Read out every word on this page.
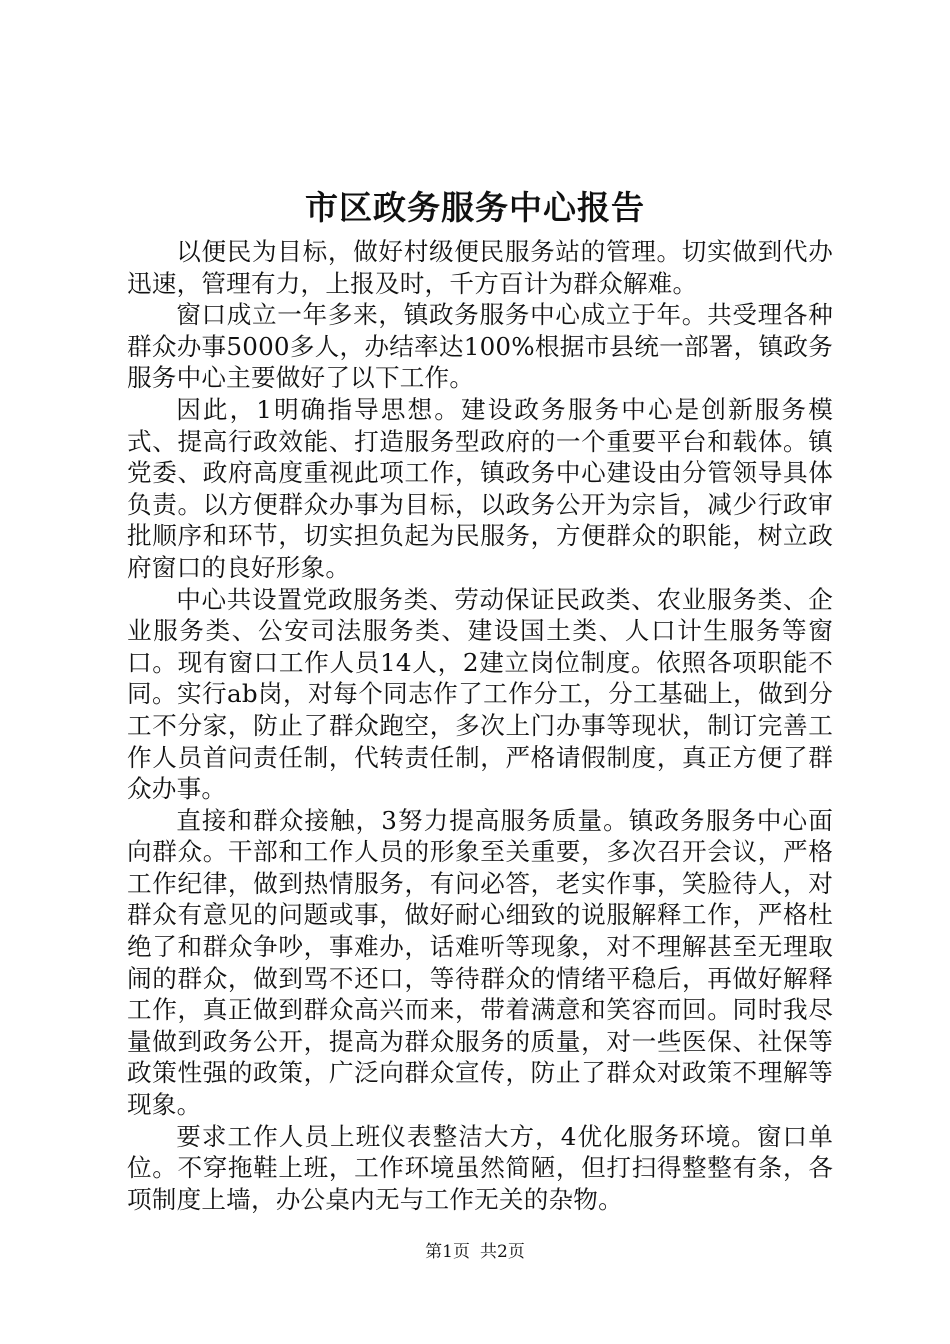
市区政务服务中心报告

以便民为目标，做好村级便民服务站的管理。切实做到代办迅速，管理有力，上报及时，千方百计为群众解难。

窗口成立一年多来，镇政务服务中心成立于年。共受理各种群众办事5000多人，办结率达100%根据市县统一部署，镇政务服务中心主要做好了以下工作。

因此，1明确指导思想。建设政务服务中心是创新服务模式、提高行政效能、打造服务型政府的一个重要平台和载体。镇党委、政府高度重视此项工作，镇政务中心建设由分管领导具体负责。以方便群众办事为目标，以政务公开为宗旨，减少行政审批顺序和环节，切实担负起为民服务，方便群众的职能，树立政府窗口的良好形象。

中心共设置党政服务类、劳动保证民政类、农业服务类、企业服务类、公安司法服务类、建设国土类、人口计生服务等窗口。现有窗口工作人员14人，2建立岗位制度。依照各项职能不同。实行ab岗，对每个同志作了工作分工，分工基础上，做到分工不分家，防止了群众跑空，多次上门办事等现状，制订完善工作人员首问责任制，代转责任制，严格请假制度，真正方便了群众办事。

直接和群众接触，3努力提高服务质量。镇政务服务中心面向群众。干部和工作人员的形象至关重要，多次召开会议，严格工作纪律，做到热情服务，有问必答，老实作事，笑脸待人，对群众有意见的问题或事，做好耐心细致的说服解释工作，严格杜绝了和群众争吵，事难办，话难听等现象，对不理解甚至无理取闹的群众，做到骂不还口，等待群众的情绪平稳后，再做好解释工作，真正做到群众高兴而来，带着满意和笑容而回。同时我尽量做到政务公开，提高为群众服务的质量，对一些医保、社保等政策性强的政策，广泛向群众宣传，防止了群众对政策不理解等现象。

要求工作人员上班仪表整洁大方，4优化服务环境。窗口单位。不穿拖鞋上班，工作环境虽然简陋，但打扫得整整有条，各项制度上墙，办公桌内无与工作无关的杂物。

第1页 共2页
